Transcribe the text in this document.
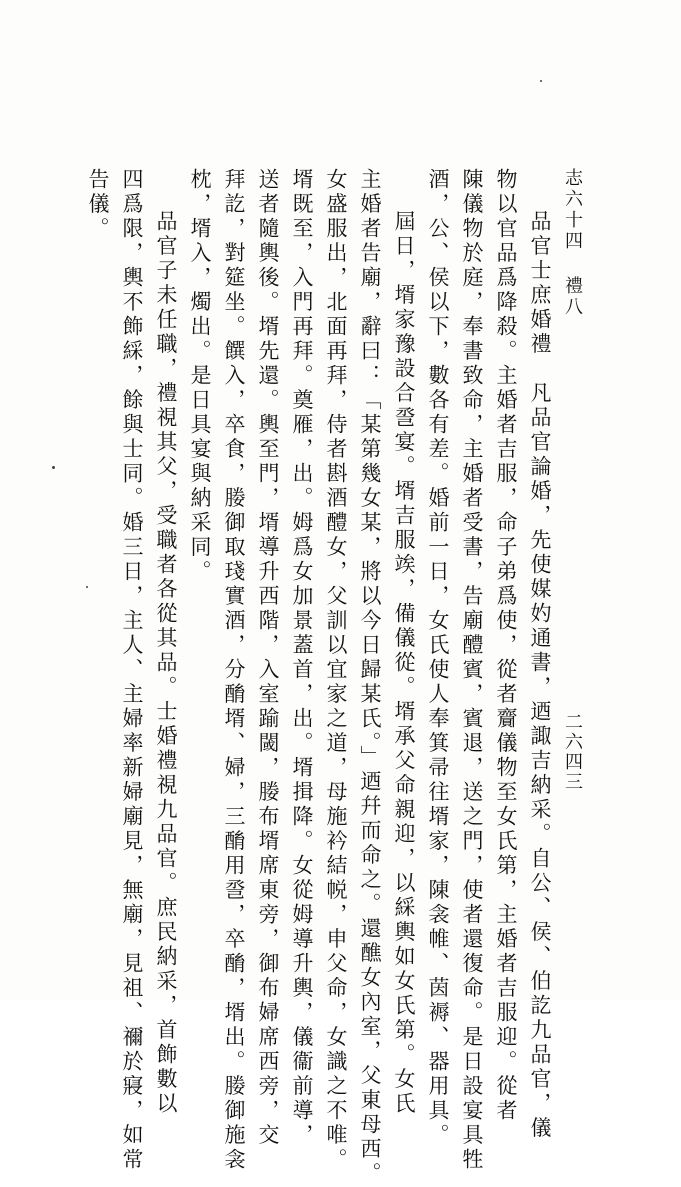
品官士庶婚禮　凡品官論婚，先使媒妁通書，迺諏吉納采。自公、侯、伯訖九品官，儀

物以官品爲降殺。主婚者吉服，命子弟爲使，從者齎儀物至女氏第，主婚者吉服迎。從者

陳儀物於庭，奉書致命，主婚者受書，告廟醴賓，賓退，送之門，使者還復命。是日設宴具牲

酒，公、侯以下，數各有差。婚前一日，女氏使人奉箕帚往壻家，陳衾帷、茵褥、器用具。

屆日，壻家豫設合巹宴。壻吉服竢，備儀從。壻承父命親迎，以綵輿如女氏第。女氏

主婚者告廟，辭曰：「某第幾女某，將以今日歸某氏。」迺幷而命之。還醮女內室，父東母西。

女盛服出，北面再拜，侍者斟酒醴女，父訓以宜家之道，母施衿結帨，申父命，女識之不唯。

壻既至，入門再拜。奠雁，出。姆爲女加景蓋首，出。壻揖降。女從姆導升輿，儀衞前導，

送者隨輿後。壻先還。輿至門，壻導升西階，入室踰閾，媵布壻席東旁，御布婦席西旁，交

拜訖，對筵坐。饌入，卒食，媵御取琖實酒，分酳壻、婦，三酳用巹，卒酳，壻出。媵御施衾

枕，壻入，燭出。是日具宴與納采同。

品官子未任職，禮視其父，受職者各從其品。士婚禮視九品官。庶民納采，首飾數以

四爲限，輿不飾綵，餘與士同。婚三日，主人、主婦率新婦廟見，無廟，見祖、禰於寢，如常

告儀。	志六十四禮八
二六四三
